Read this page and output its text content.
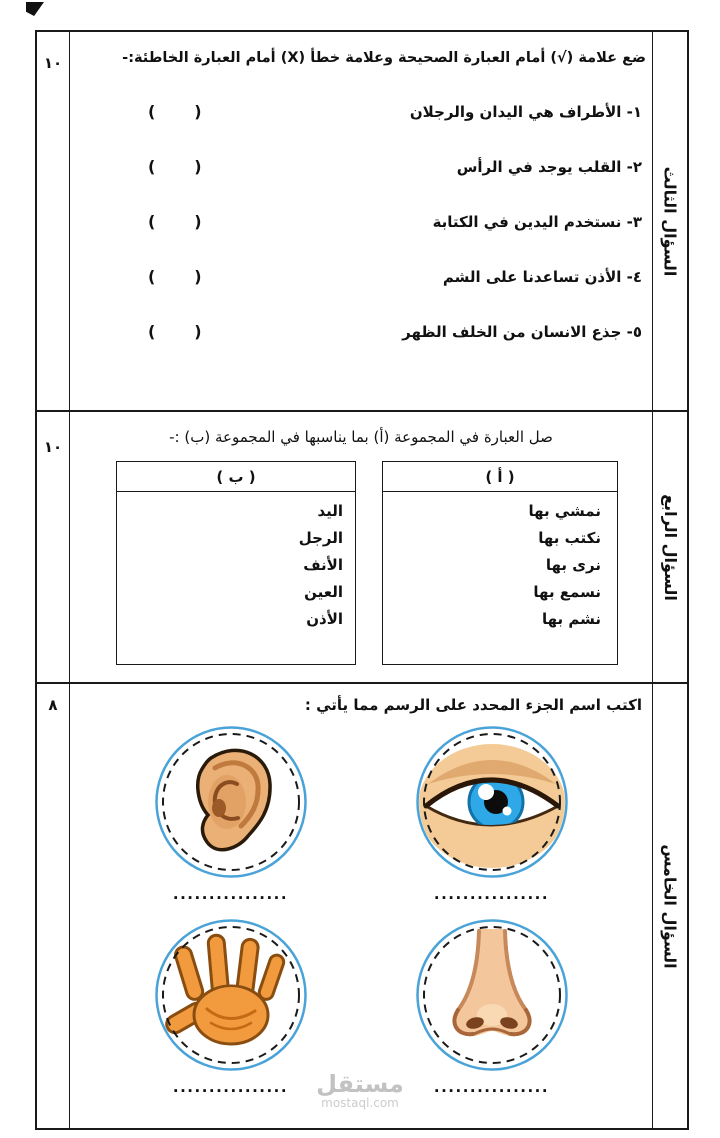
١٠	ضع علامة (√) أمام العبارة الصحيحة وعلامة خطأ (X) أمام العبارة الخاطئة:-
١- الأطراف هي اليدان والرجلان
(       )
٢- القلب يوجد في الرأس
(       )
٣- نستخدم اليدين في الكتابة
(       )
٤- الأذن تساعدنا على الشم
(       )
٥- جذع الانسان من الخلف الظهر
(       )
السؤال الثالث
١٠
صل العبارة في المجموعة (أ) بما يناسبها في المجموعة (ب) :-
( ب )
اليد
الرجل
الأنف
العين
الأذن
( أ )
نمشي بها
نكتب بها
نرى بها
نسمع بها
نشم بها
السؤال الرابع
٨	اكتب اسم الجزء المحدد على الرسم مما يأتي :
................	................
................	................
السؤال الخامس
مستقل
mostaql.com
